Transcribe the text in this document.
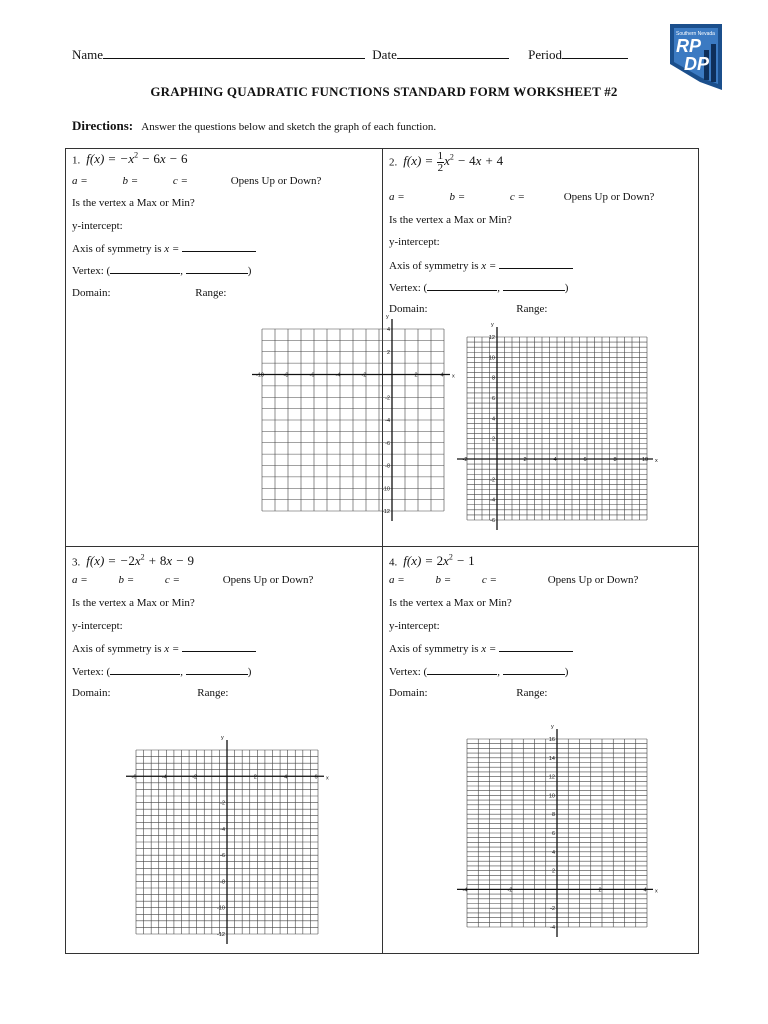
Name	Date	Period
Southern Nevada
RP
DP
GRAPHING QUADRATIC FUNCTIONS STANDARD FORM WORKSHEET #2
Directions: Answer the questions below and sketch the graph of each function.
1.  $f(x) = -x^2 - 6x - 6$
a =	b =	c =	Opens Up or Down?
Is the vertex a Max or Min?
y-intercept:
Axis of symmetry is x =
Vertex: (	,	)
Domain:	Range:
-10	-8	-6	-4	-2	2	4
4
2
-2
-4
-6
-8
-10
-12
x
y
2.  $f(x) = \frac{1}{2} x^2 - 4x + 4$
a =	b =	c =	Opens Up or Down?
Is the vertex a Max or Min?
y-intercept:
Axis of symmetry is x =
Vertex: (	,	)
Domain:	Range:
-2	2	4	6	8	10
12
10
8
6
4
2
-2
-4
-6
x
y
3.  $f(x) = -2x^2 + 8x - 9$
a =	b =	c =	Opens Up or Down?
Is the vertex a Max or Min?
y-intercept:
Axis of symmetry is x =
Vertex: (	,	)
Domain:	Range:
-6	-4	-2	2	4	6
-2
-4
-6
-8
-10
-12
x
y
4.  $f(x) = 2x^2 - 1$
a =	b =	c =	Opens Up or Down?
Is the vertex a Max or Min?
y-intercept:
Axis of symmetry is x =
Vertex: (	,	)
Domain:	Range:
-4	-2	2	4
16
14
12
10
8
6
4
2
-2
-4
x
y
